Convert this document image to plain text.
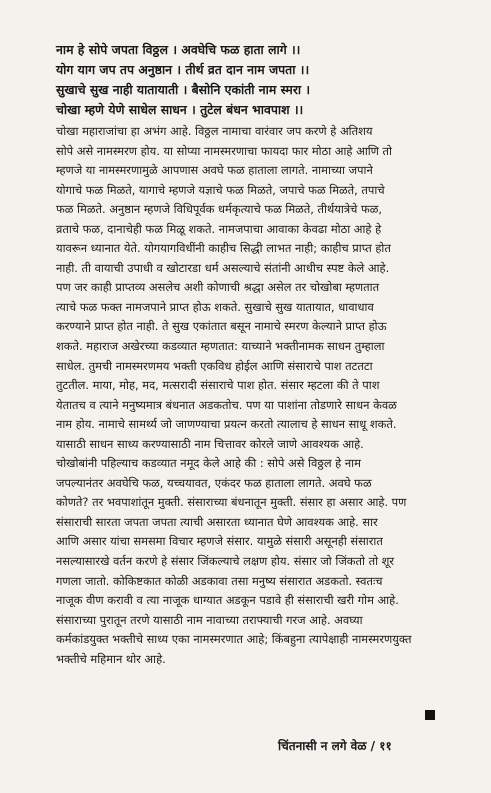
नाम हे सोपे जपता विठ्ठल । अवघेचि फळ हाता लागे ।।
योग याग जप तप अनुष्ठान । तीर्थ व्रत दान नाम जपता ।।
सुखाचे सुख नाही यातायाती । बैसोनि एकांती नाम स्मरा ।
चोखा म्हणे येणे साधेल साधन । तुटेल बंधन भावपाश ।।
चोखा महाराजांचा हा अभंग आहे. विठ्ठल नामाचा वारंवार जप करणे हे अतिशय
सोपे असे नामस्मरण होय. या सोप्या नामस्मरणाचा फायदा फार मोठा आहे आणि तो
म्हणजे या नामस्मरणामुळे आपणास अवघे फळ हाताला लागते. नामाच्या जपाने
योगाचे फळ मिळते, यागाचे म्हणजे यज्ञाचे फळ मिळते, जपाचे फळ मिळते, तपाचे
फळ मिळते. अनुष्ठान म्हणजे विधिपूर्वक धर्मकृत्याचे फळ मिळते, तीर्थयात्रेचे फळ,
व्रताचे फळ, दानाचेही फळ मिळू शकते. नामजपाचा आवाका केवढा मोठा आहे हे
यावरून ध्यानात येते. योगयागविधींनी काहीच सिद्धी लाभत नाही; काहीच प्राप्त होत
नाही. ती वायाची उपाधी व खोटारडा धर्म असल्याचे संतांनी आधीच स्पष्ट केले आहे.
पण जर काही प्राप्तव्य असलेच अशी कोणाची श्रद्धा असेल तर चोखोबा म्हणतात
त्याचे फळ फक्त नामजपाने प्राप्त होऊ शकते. सुखाचे सुख यातायात, धावाधाव
करण्याने प्राप्त होत नाही. ते सुख एकांतात बसून नामाचे स्मरण केल्याने प्राप्त होऊ
शकते. महाराज अखेरच्या कडव्यात म्हणतात: याच्याने भक्तीनामक साधन तुम्हाला
साधेल. तुमची नामस्मरणमय भक्ती एकविध होईल आणि संसाराचे पाश तटतटा
तुटतील. माया, मोह, मद, मत्सरादी संसाराचे पाश होत. संसार म्हटला की ते पाश
येतातच व त्याने मनुष्यमात्र बंधनात अडकतोच. पण या पाशांना तोडणारे साधन केवळ
नाम होय. नामाचे सामर्थ्य जो जाणण्याचा प्रयत्न करतो त्यालाच हे साधन साधू शकते.
यासाठी साधन साध्य करण्यासाठी नाम चित्तावर कोरले जाणे आवश्यक आहे.
चोखोबांनी पहिल्याच कडव्यात नमूद केले आहे की : सोपे असे विठ्ठल हे नाम
जपल्यानंतर अवघेचि फळ, यच्चयावत, एकंदर फळ हाताला लागते. अवघे फळ
कोणते? तर भवपाशांतून मुक्ती. संसाराच्या बंधनातून मुक्ती. संसार हा असार आहे. पण
संसाराची सारता जपता जपता त्याची असारता ध्यानात घेणे आवश्यक आहे. सार
आणि असार यांचा समसमा विचार म्हणजे संसार. यामुळे संसारी असूनही संसारात
नसल्यासारखे वर्तन करणे हे संसार जिंकल्याचे लक्षण होय. संसार जो जिंकतो तो शूर
गणला जातो. कोकिष्टकात कोळी अडकावा तसा मनुष्य संसारात अडकतो. स्वतःच
नाजूक वीण करावी व त्या नाजूक धाग्यात अडकून पडावे ही संसाराची खरी गोम आहे.
संसाराच्या पुरातून तरणे यासाठी नाम नावाच्या तराफ्याची गरज आहे. अवघ्या
कर्मकांडयुक्त भक्तीचे साध्य एका नामस्मरणात आहे; किंबहुना त्यापेक्षाही नामस्मरणयुक्त
भक्तीचे महिमान थोर आहे.
चिंतनासी न लगे वेळ / ११
